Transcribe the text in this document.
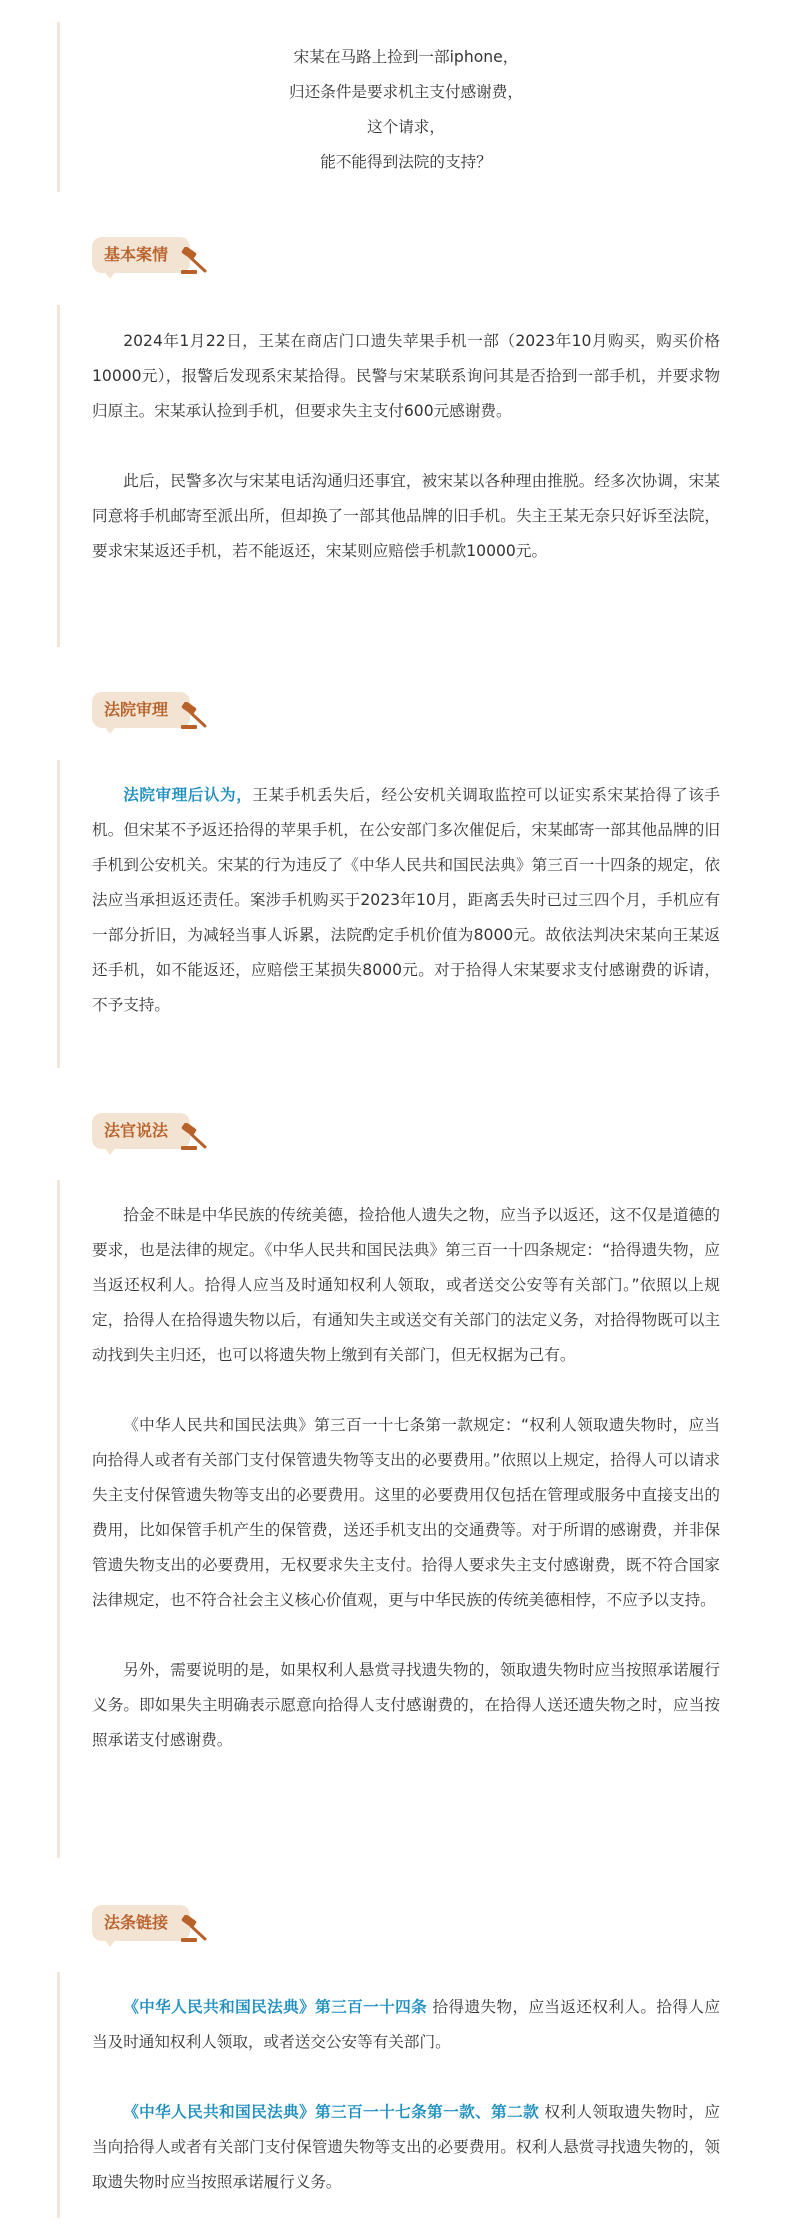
宋某在马路上捡到一部iphone，
归还条件是要求机主支付感谢费，
这个请求，
能不能得到法院的支持？
基本案情

2024年1月22日，王某在商店门口遗失苹果手机一部（2023年10月购买，购买价格10000元），报警后发现系宋某拾得。民警与宋某联系询问其是否拾到一部手机，并要求物归原主。宋某承认捡到手机，但要求失主支付600元感谢费。

此后，民警多次与宋某电话沟通归还事宜，被宋某以各种理由推脱。经多次协调，宋某同意将手机邮寄至派出所，但却换了一部其他品牌的旧手机。失主王某无奈只好诉至法院，要求宋某返还手机，若不能返还，宋某则应赔偿手机款10000元。

法院审理

法院审理后认为，王某手机丢失后，经公安机关调取监控可以证实系宋某拾得了该手机。但宋某不予返还拾得的苹果手机，在公安部门多次催促后，宋某邮寄一部其他品牌的旧手机到公安机关。宋某的行为违反了《中华人民共和国民法典》第三百一十四条的规定，依法应当承担返还责任。案涉手机购买于2023年10月，距离丢失时已过三四个月，手机应有一部分折旧，为减轻当事人诉累，法院酌定手机价值为8000元。故依法判决宋某向王某返还手机，如不能返还，应赔偿王某损失8000元。对于拾得人宋某要求支付感谢费的诉请，不予支持。

法官说法

拾金不昧是中华民族的传统美德，捡拾他人遗失之物，应当予以返还，这不仅是道德的要求，也是法律的规定。《中华人民共和国民法典》第三百一十四条规定：“拾得遗失物，应当返还权利人。拾得人应当及时通知权利人领取，或者送交公安等有关部门。”依照以上规定，拾得人在拾得遗失物以后，有通知失主或送交有关部门的法定义务，对拾得物既可以主动找到失主归还，也可以将遗失物上缴到有关部门，但无权据为己有。

《中华人民共和国民法典》第三百一十七条第一款规定：“权利人领取遗失物时，应当向拾得人或者有关部门支付保管遗失物等支出的必要费用。”依照以上规定，拾得人可以请求失主支付保管遗失物等支出的必要费用。这里的必要费用仅包括在管理或服务中直接支出的费用，比如保管手机产生的保管费，送还手机支出的交通费等。对于所谓的感谢费，并非保管遗失物支出的必要费用，无权要求失主支付。拾得人要求失主支付感谢费，既不符合国家法律规定，也不符合社会主义核心价值观，更与中华民族的传统美德相悖，不应予以支持。

另外，需要说明的是，如果权利人悬赏寻找遗失物的，领取遗失物时应当按照承诺履行义务。即如果失主明确表示愿意向拾得人支付感谢费的，在拾得人送还遗失物之时，应当按照承诺支付感谢费。

法条链接

《中华人民共和国民法典》第三百一十四条 拾得遗失物，应当返还权利人。拾得人应当及时通知权利人领取，或者送交公安等有关部门。

《中华人民共和国民法典》第三百一十七条第一款、第二款 权利人领取遗失物时，应当向拾得人或者有关部门支付保管遗失物等支出的必要费用。权利人悬赏寻找遗失物的，领取遗失物时应当按照承诺履行义务。
